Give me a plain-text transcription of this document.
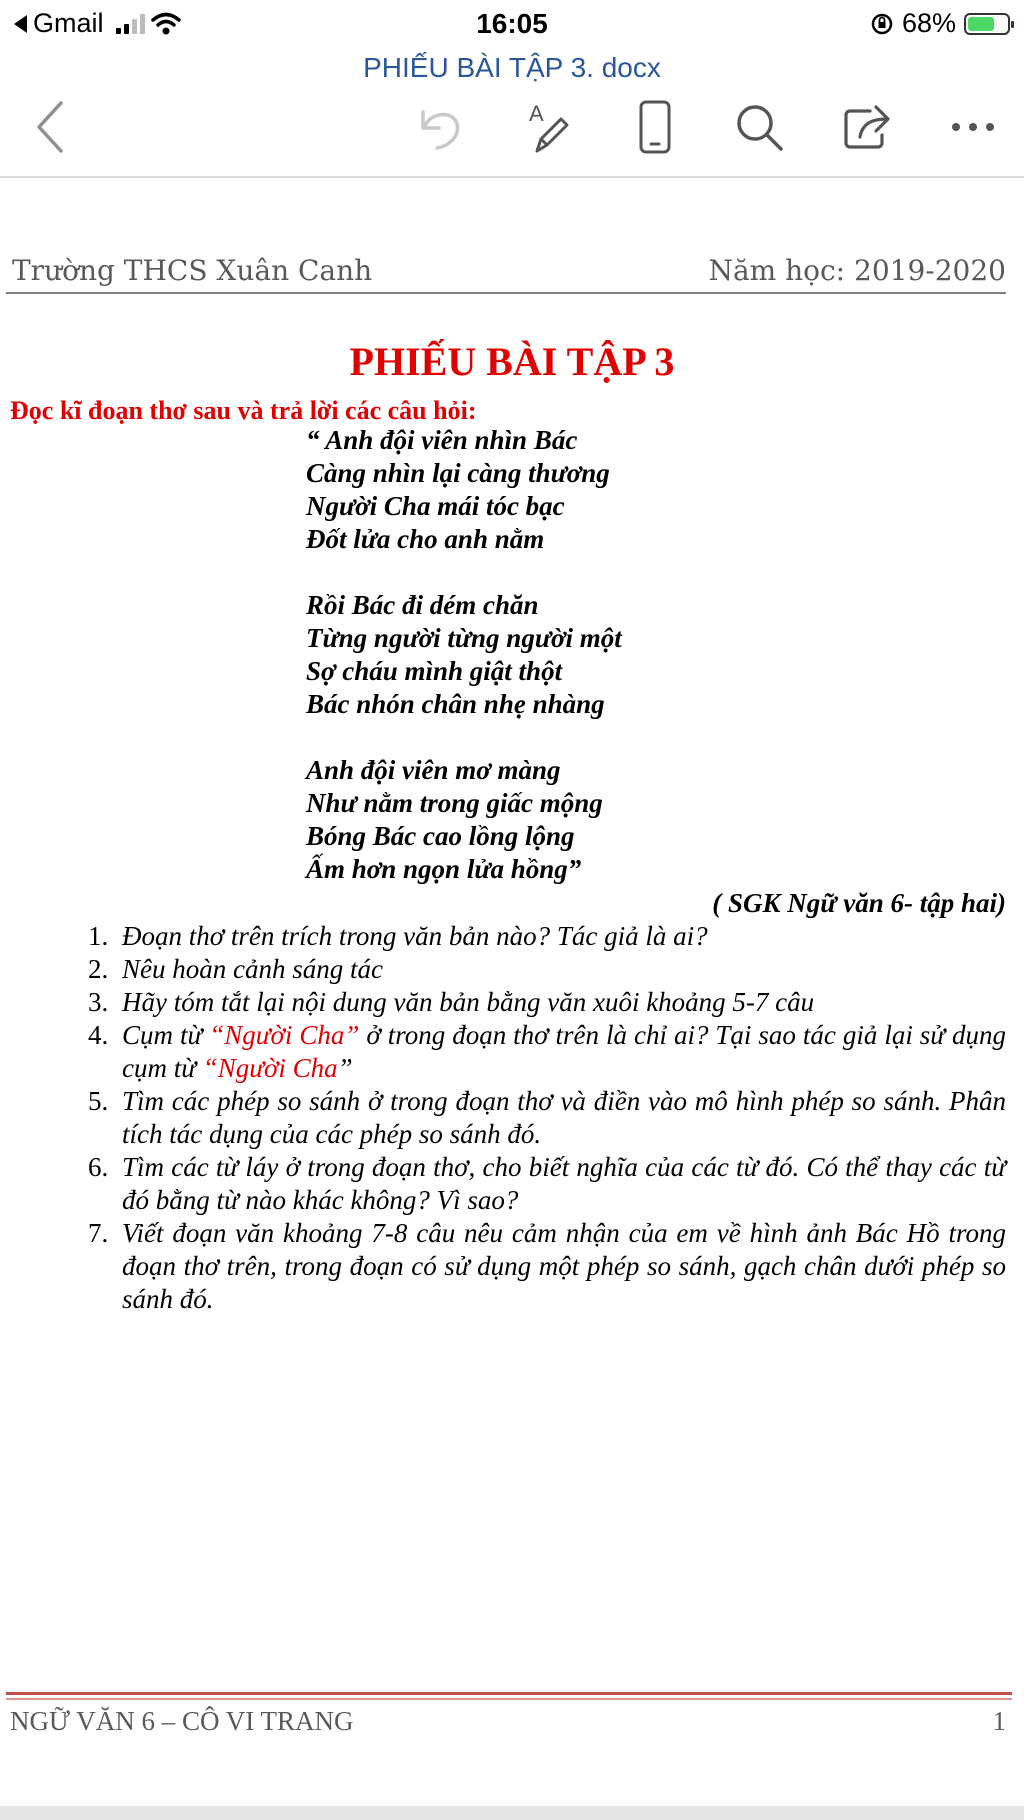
Gmail	16:05	68%
PHIẾU BÀI TẬP 3. docx
A
Trường THCS Xuân Canh	Năm học: 2019-2020
PHIẾU BÀI TẬP 3
Đọc kĩ đoạn thơ sau và trả lời các câu hỏi:
“ Anh đội viên nhìn Bác
Càng nhìn lại càng thương
Người Cha mái tóc bạc
Đốt lửa cho anh nằm
Rồi Bác đi dém chăn
Từng người từng người một
Sợ cháu mình giật thột
Bác nhón chân nhẹ nhàng
Anh đội viên mơ màng
Như nằm trong giấc mộng
Bóng Bác cao lồng lộng
Ấm hơn ngọn lửa hồng”
( SGK Ngữ văn 6- tập hai)
1. Đoạn thơ trên trích trong văn bản nào? Tác giả là ai?
2. Nêu hoàn cảnh sáng tác
3. Hãy tóm tắt lại nội dung văn bản bằng văn xuôi khoảng 5-7 câu
4. Cụm từ “Người Cha” ở trong đoạn thơ trên là chỉ ai? Tại sao tác giả lại sử dụng cụm từ “Người Cha”
5. Tìm các phép so sánh ở trong đoạn thơ và điền vào mô hình phép so sánh. Phân tích tác dụng của các phép so sánh đó.
6. Tìm các từ láy ở trong đoạn thơ, cho biết nghĩa của các từ đó. Có thể thay các từ đó bằng từ nào khác không? Vì sao?
7. Viết đoạn văn khoảng 7-8 câu nêu cảm nhận của em về hình ảnh Bác Hồ trong đoạn thơ trên, trong đoạn có sử dụng một phép so sánh, gạch chân dưới phép so sánh đó.
NGỮ VĂN 6 – CÔ VI TRANG	1
